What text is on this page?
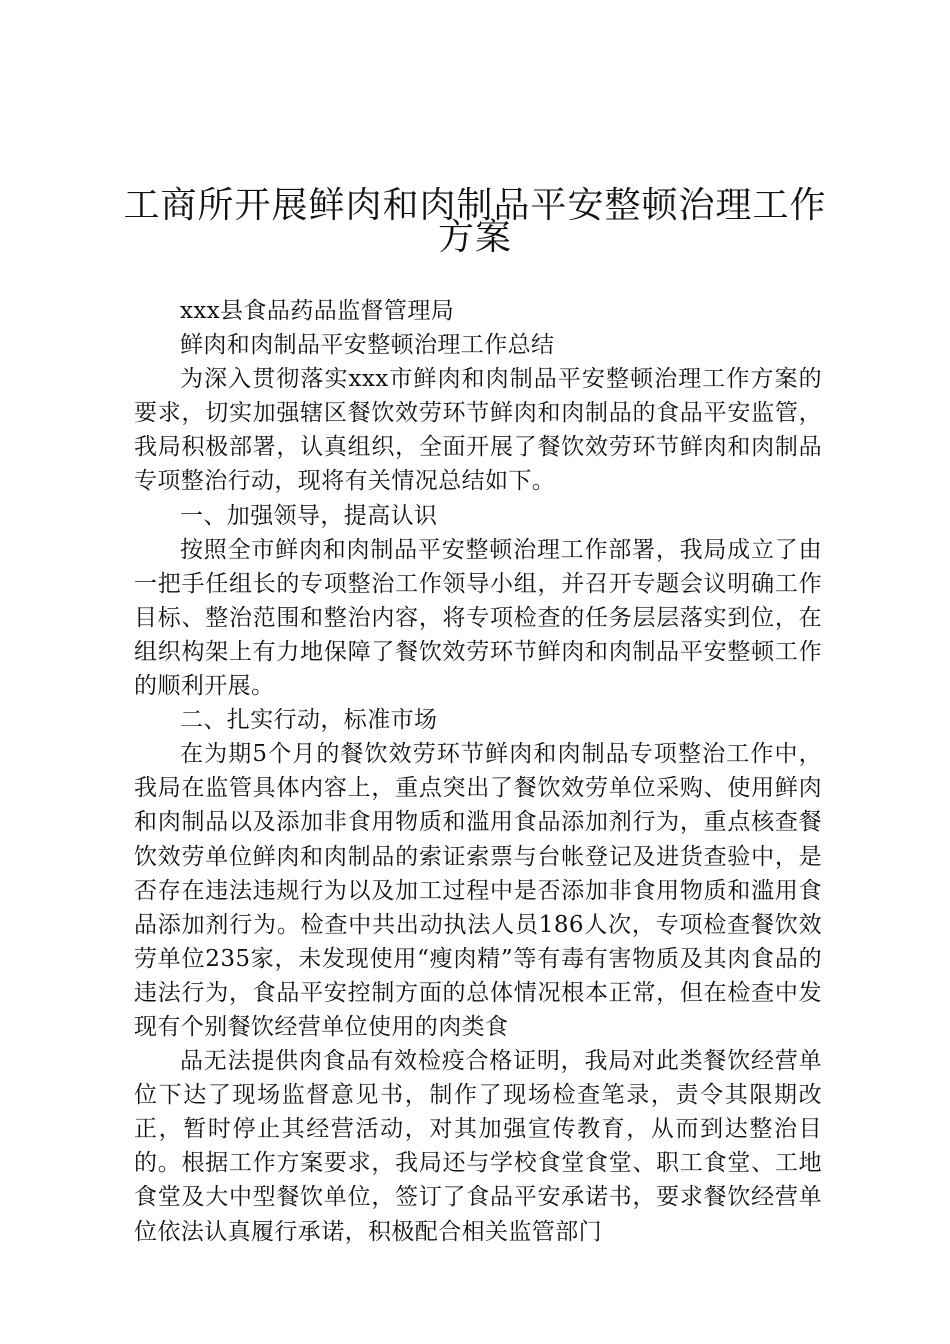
工商所开展鲜肉和肉制品平安整顿治理工作
方案

xxx县食品药品监督管理局

鲜肉和肉制品平安整顿治理工作总结

为深入贯彻落实xxx市鲜肉和肉制品平安整顿治理工作方案的要求，切实加强辖区餐饮效劳环节鲜肉和肉制品的食品平安监管，我局积极部署，认真组织，全面开展了餐饮效劳环节鲜肉和肉制品专项整治行动，现将有关情况总结如下。

一、加强领导，提高认识

按照全市鲜肉和肉制品平安整顿治理工作部署，我局成立了由一把手任组长的专项整治工作领导小组，并召开专题会议明确工作目标、整治范围和整治内容，将专项检查的任务层层落实到位，在组织构架上有力地保障了餐饮效劳环节鲜肉和肉制品平安整顿工作的顺利开展。

二、扎实行动，标准市场

在为期5个月的餐饮效劳环节鲜肉和肉制品专项整治工作中，我局在监管具体内容上，重点突出了餐饮效劳单位采购、使用鲜肉和肉制品以及添加非食用物质和滥用食品添加剂行为，重点核查餐饮效劳单位鲜肉和肉制品的索证索票与台帐登记及进货查验中，是否存在违法违规行为以及加工过程中是否添加非食用物质和滥用食品添加剂行为。检查中共出动执法人员186人次，专项检查餐饮效劳单位235家，未发现使用“瘦肉精”等有毒有害物质及其肉食品的违法行为，食品平安控制方面的总体情况根本正常，但在检查中发现有个别餐饮经营单位使用的肉类食

品无法提供肉食品有效检疫合格证明，我局对此类餐饮经营单位下达了现场监督意见书，制作了现场检查笔录，责令其限期改正，暂时停止其经营活动，对其加强宣传教育，从而到达整治目的。根据工作方案要求，我局还与学校食堂食堂、职工食堂、工地食堂及大中型餐饮单位，签订了食品平安承诺书，要求餐饮经营单位依法认真履行承诺，积极配合相关监管部门
